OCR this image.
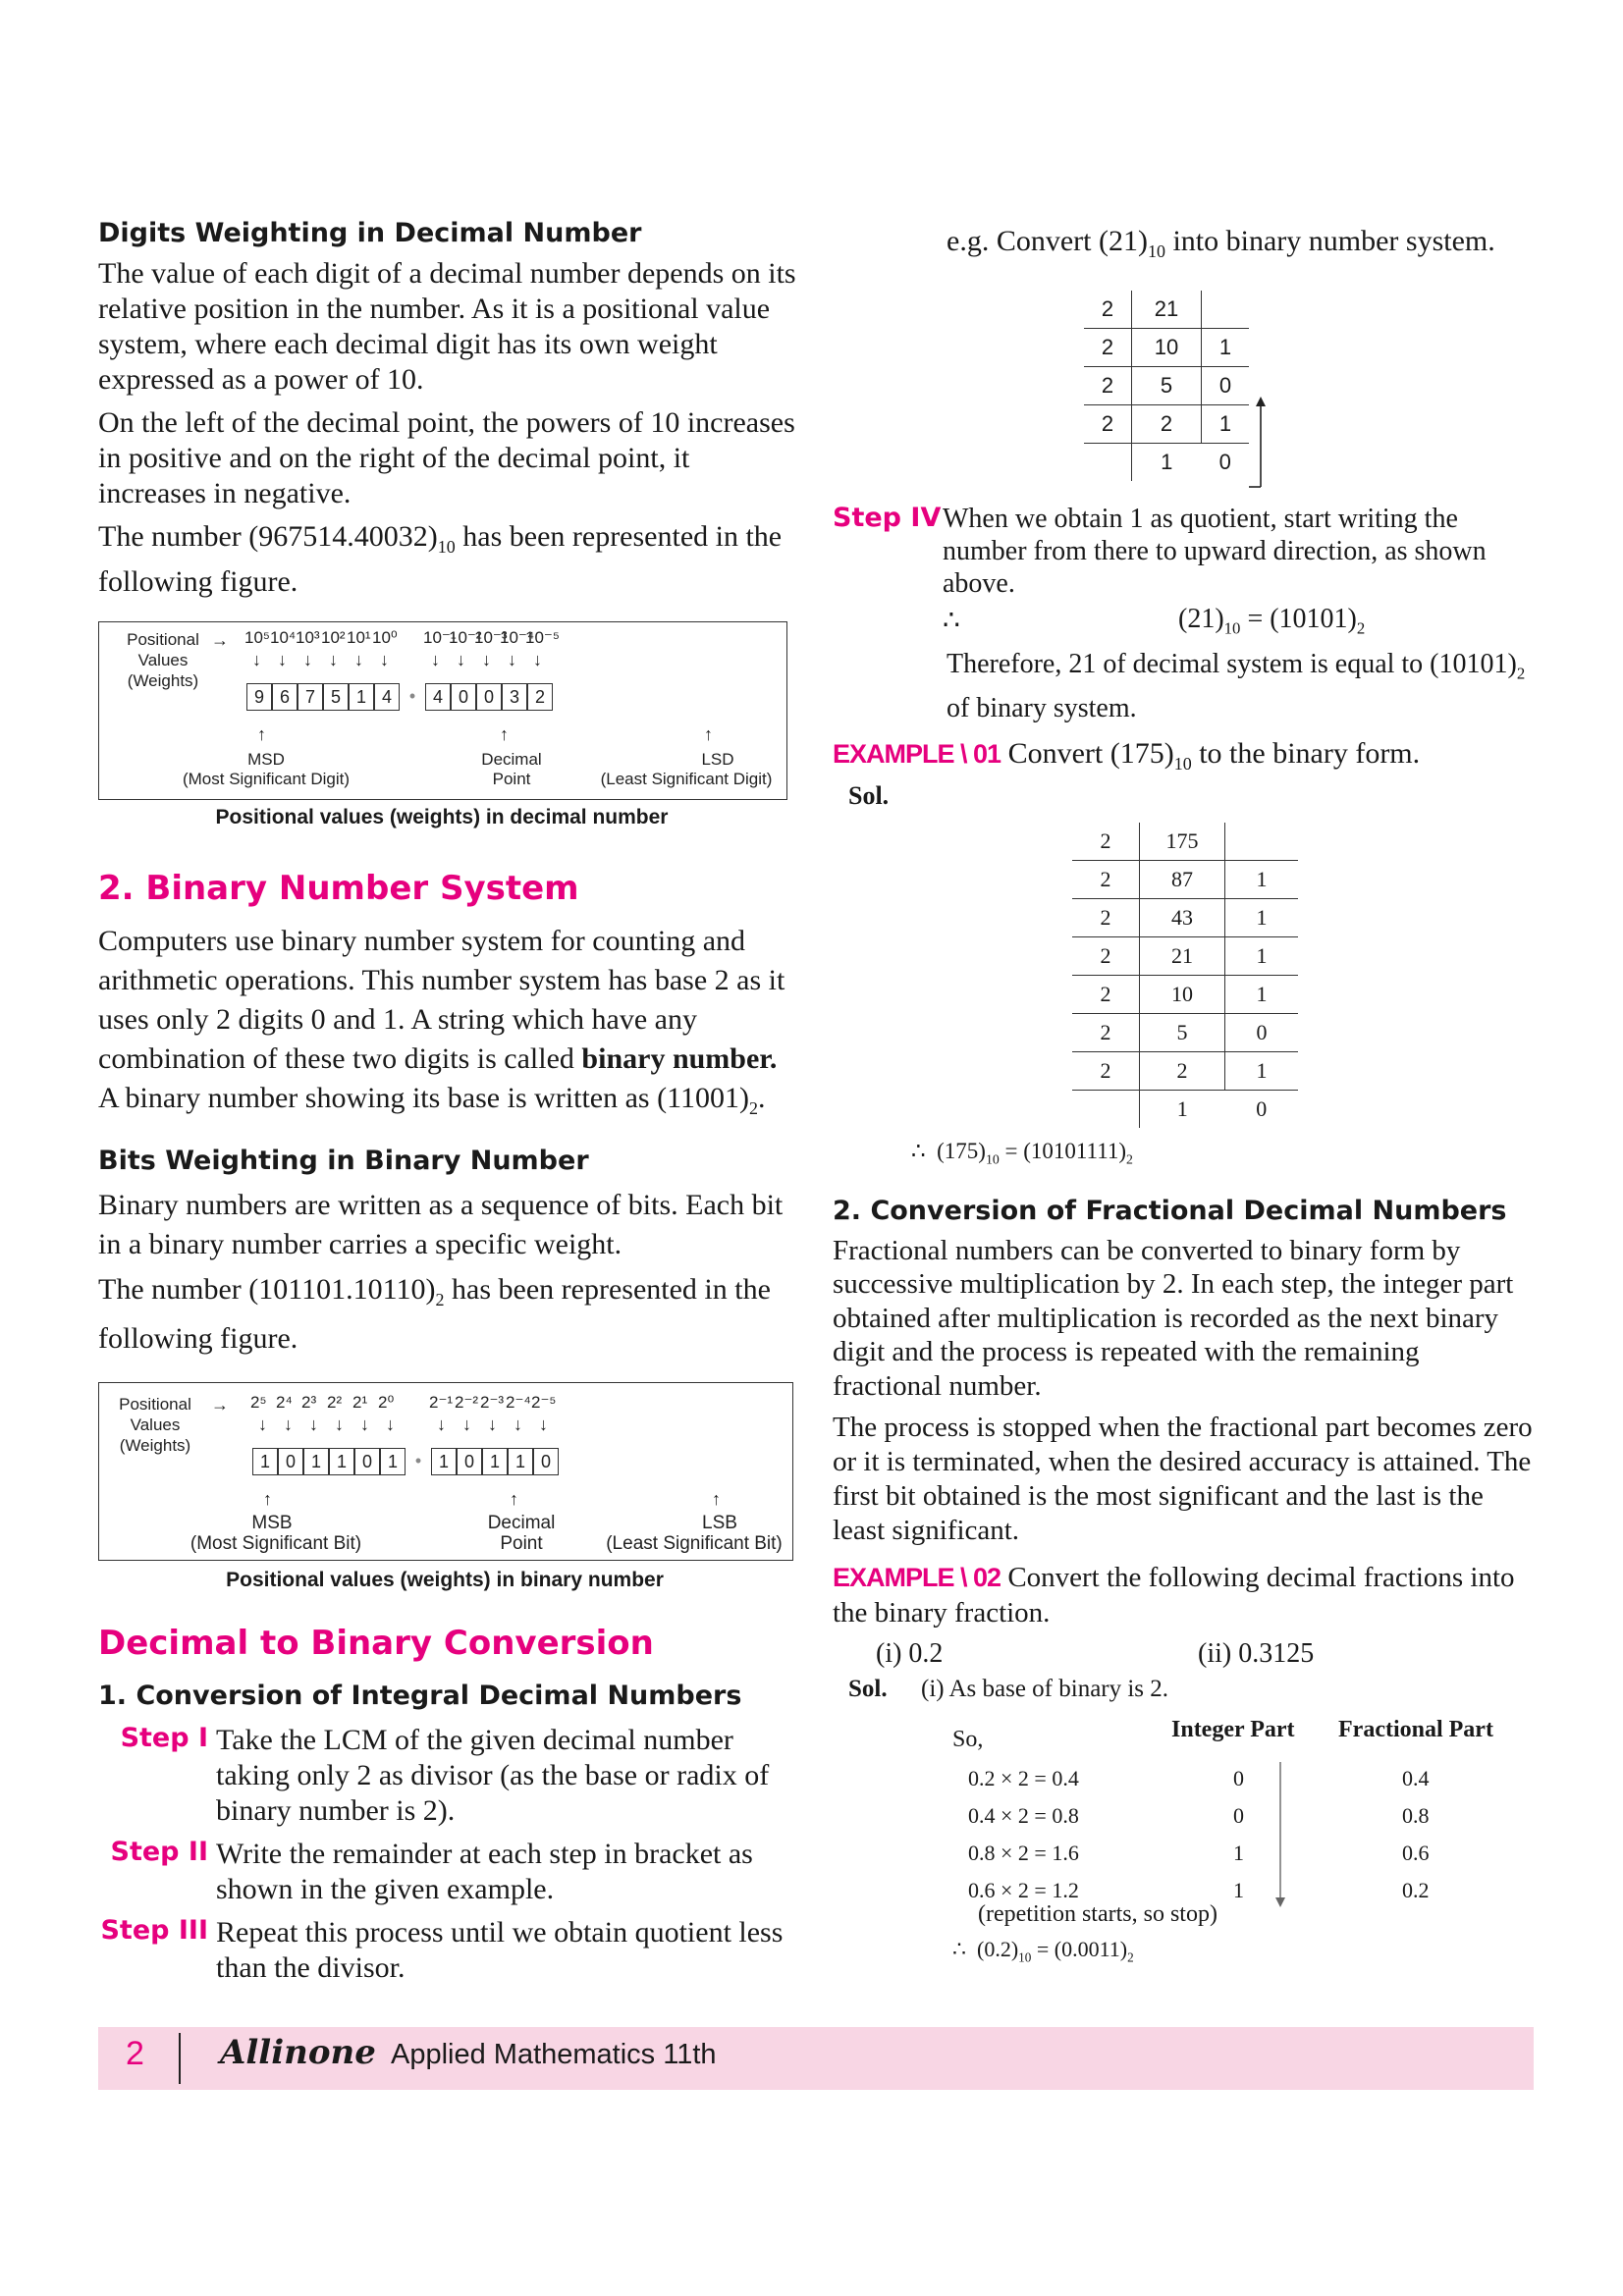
Digits Weighting in Decimal Number

The value of each digit of a decimal number depends on its relative position in the number. As it is a positional value system, where each decimal digit has its own weight expressed as a power of 10.

On the left of the decimal point, the powers of 10 increases in positive and on the right of the decimal point, it increases in negative.

The number $(967514.40032)_{10}$ has been represented in the following figure.

Positional
Values
(Weights)
→ 10⁵ 10⁴ 10³ 10² 10¹ 10⁰ 10⁻¹
10⁻²
10⁻³
10⁻⁴
10⁻⁵
↓ ↓ ↓ ↓ ↓ ↓ ↓ ↓ ↓ ↓ ↓
9 6 7 5 1 4 • 4 0 0 3 2
↑	↑	↑
MSD
(Most Significant Digit)
Decimal
Point
LSD
(Least Significant Digit)
Positional values (weights) in decimal number
2. Binary Number System

Computers use binary number system for counting and arithmetic operations. This number system has base 2 as it uses only 2 digits 0 and 1. A string which have any combination of these two digits is called binary number. A binary number showing its base is written as $(11001)_2$.

Bits Weighting in Binary Number

Binary numbers are written as a sequence of bits. Each bit in a binary number carries a specific weight.

The number $(101101.10110)_2$ has been represented in the following figure.

Positional
Values
(Weights)
→ 2⁵ 2⁴ 2³ 2² 2¹ 2⁰ 2⁻¹ 2⁻² 2⁻³ 2⁻⁴ 2⁻⁵
↓ ↓ ↓ ↓ ↓ ↓ ↓ ↓ ↓ ↓ ↓
1 0 1 1 0 1 • 1 0 1 1 0
↑	↑	↑
MSB
(Most Significant Bit)
Decimal
Point
LSB
(Least Significant Bit)
Positional values (weights) in binary number
Decimal to Binary Conversion
1. Conversion of Integral Decimal Numbers
Step I Take the LCM of the given decimal number taking only 2 as divisor (as the base or radix of binary number is 2).

Step II Write the remainder at each step in bracket as shown in the given example.

Step III Repeat this process until we obtain quotient less than the divisor.

e.g. Convert $(21)_{10}$ into binary number system.

2	21	
2	10	1
2	5	0
2	2	1
	1	0
Step IV When we obtain 1 as quotient, start writing the number from there to upward direction, as shown above.

∴	$(21)_{10} = (10101)_2$

Therefore, 21 of decimal system is equal to $(10101)_2$ of binary system.

EXAMPLE \ 01 Convert $(175)_{10}$ to the binary form.

Sol.

2	175	
2	87	1
2	43	1
2	21	1
2	10	1
2	5	0
2	2	1
	1	0

∴ $(175)_{10} = (10101111)_2$

2. Conversion of Fractional Decimal Numbers

Fractional numbers can be converted to binary form by successive multiplication by 2. In each step, the integer part obtained after multiplication is recorded as the next binary digit and the process is repeated with the remaining fractional number.

The process is stopped when the fractional part becomes zero or it is terminated, when the desired accuracy is attained. The first bit obtained is the most significant and the last is the least significant.

EXAMPLE \ 02 Convert the following decimal fractions into the binary fraction.

(i) 0.2	(ii) 0.3125
Sol.	(i) As base of binary is 2.
So,	Integer Part Fractional Part
0.2 × 2 = 0.4	0	0.4
0.4 × 2 = 0.8	0	0.8
0.8 × 2 = 1.6	1	0.6
0.6 × 2 = 1.2	1	0.2
(repetition starts, so stop)
∴ $(0.2)_{10} = (0.0011)_2$
2 Allinone Applied Mathematics 11th
